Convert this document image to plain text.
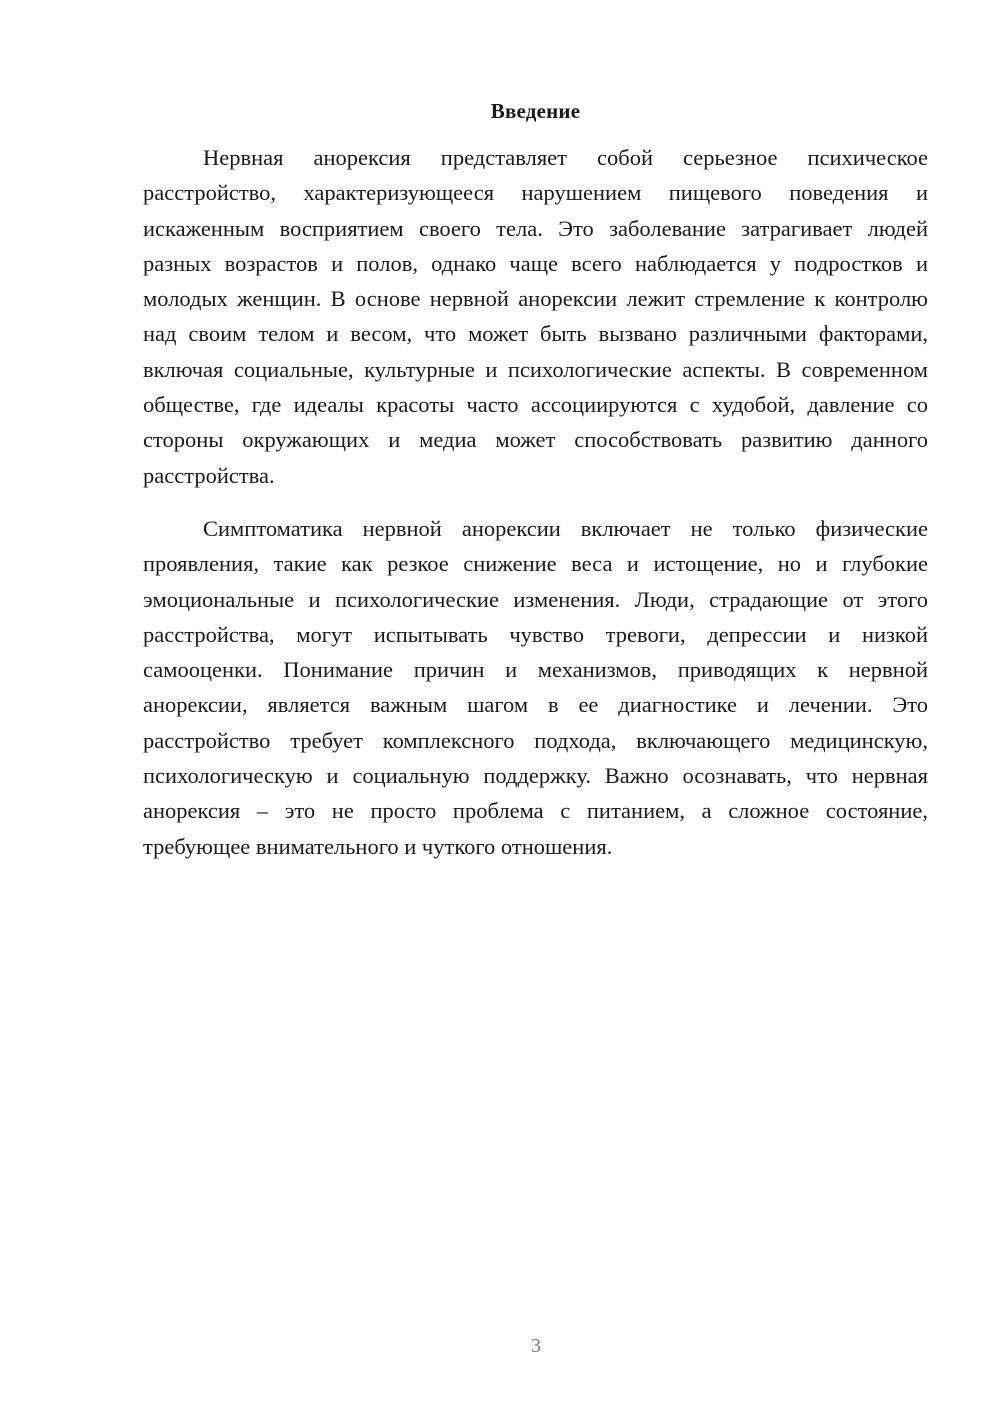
Введение

Нервная анорексия представляет собой серьезное психическое расстройство, характеризующееся нарушением пищевого поведения и искаженным восприятием своего тела. Это заболевание затрагивает людей разных возрастов и полов, однако чаще всего наблюдается у подростков и молодых женщин. В основе нервной анорексии лежит стремление к контролю над своим телом и весом, что может быть вызвано различными факторами, включая социальные, культурные и психологические аспекты. В современном обществе, где идеалы красоты часто ассоциируются с худобой, давление со стороны окружающих и медиа может способствовать развитию данного расстройства.

Симптоматика нервной анорексии включает не только физические проявления, такие как резкое снижение веса и истощение, но и глубокие эмоциональные и психологические изменения. Люди, страдающие от этого расстройства, могут испытывать чувство тревоги, депрессии и низкой самооценки. Понимание причин и механизмов, приводящих к нервной анорексии, является важным шагом в ее диагностике и лечении. Это расстройство требует комплексного подхода, включающего медицинскую, психологическую и социальную поддержку. Важно осознавать, что нервная анорексия – это не просто проблема с питанием, а сложное состояние, требующее внимательного и чуткого отношения.

3
